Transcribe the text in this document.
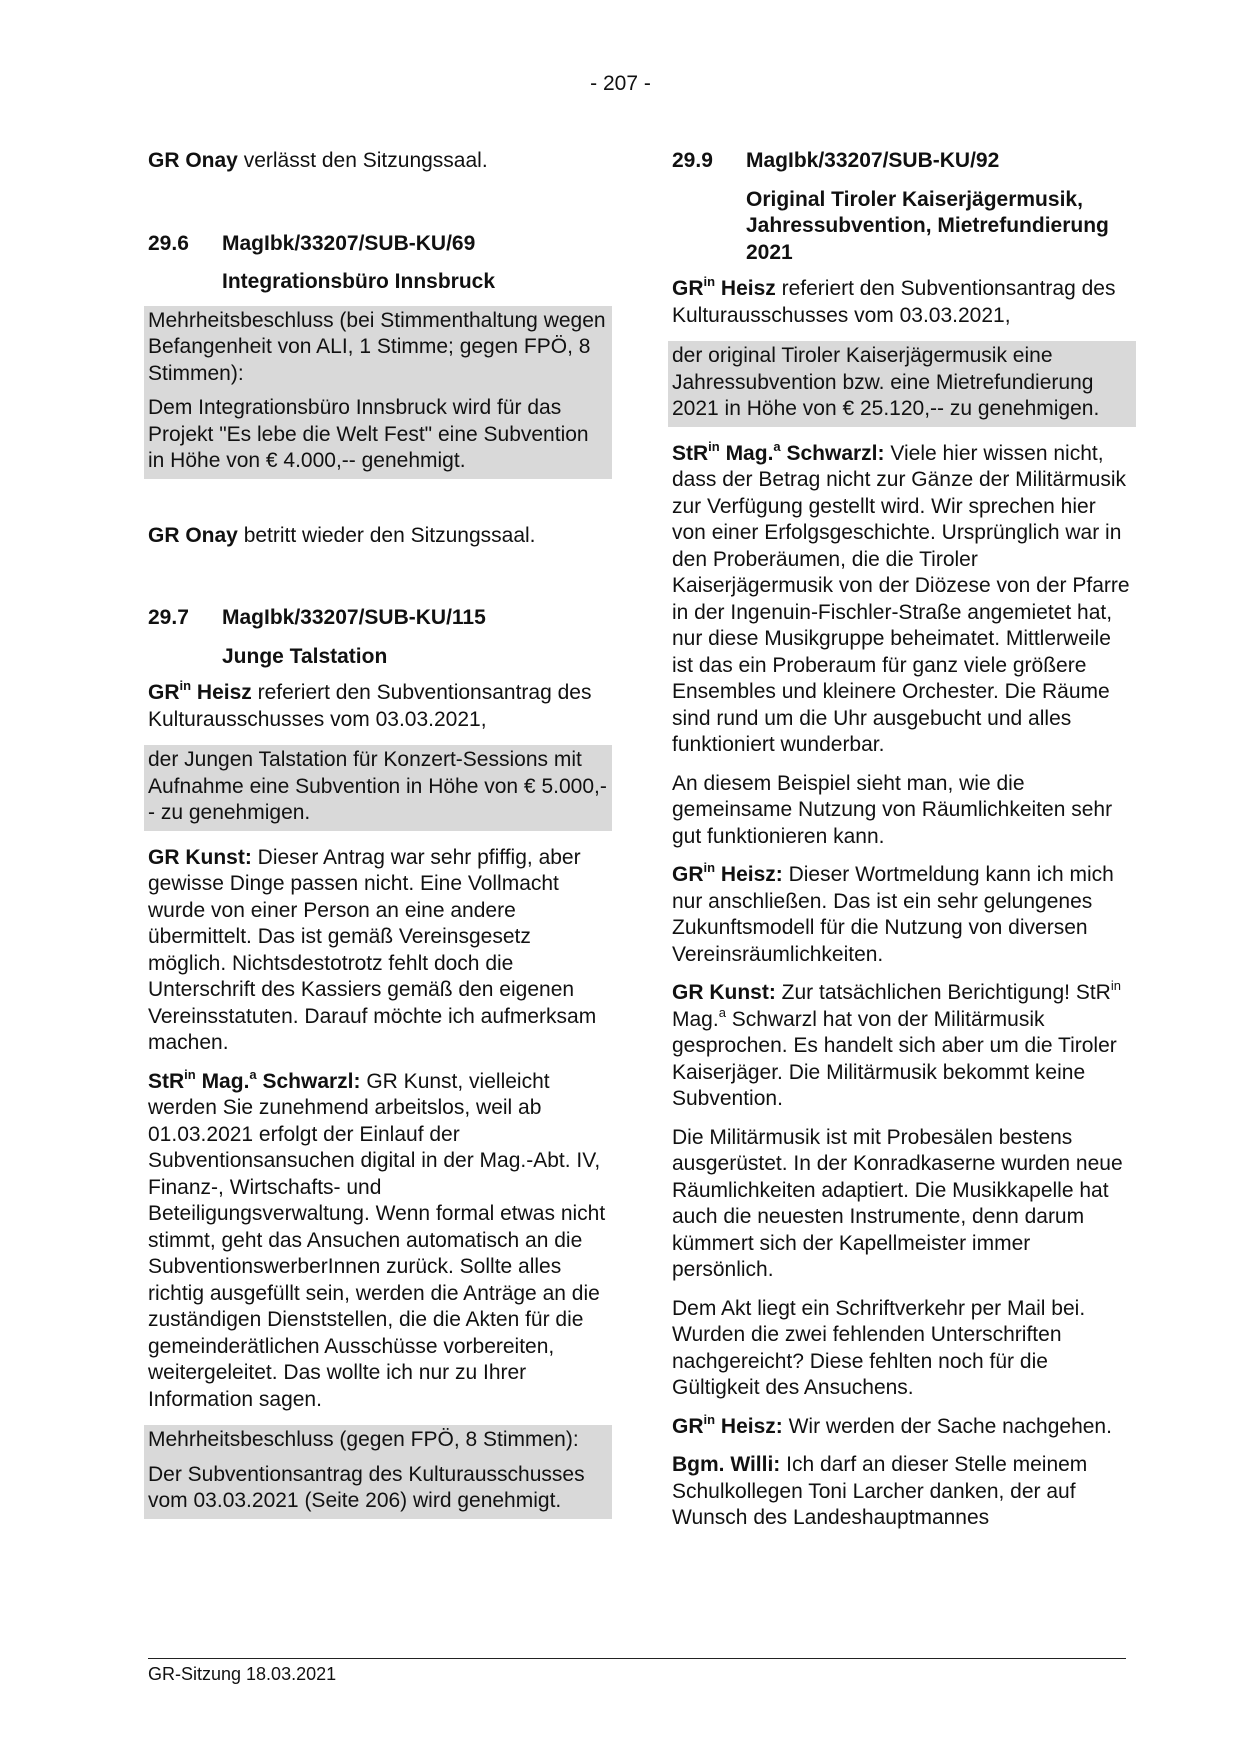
- 207 -

GR Onay verlässt den Sitzungssaal.

29.6	MagIbk/33207/SUB-KU/69
Integrationsbüro Innsbruck

Mehrheitsbeschluss (bei Stimmenthaltung wegen Befangenheit von ALI, 1 Stimme; gegen FPÖ, 8 Stimmen):

Dem Integrationsbüro Innsbruck wird für das Projekt "Es lebe die Welt Fest" eine Subvention in Höhe von € 4.000,-- genehmigt.

GR Onay betritt wieder den Sitzungssaal.

29.7	MagIbk/33207/SUB-KU/115
Junge Talstation

$GR^{in}$ Heisz referiert den Subventionsantrag des Kulturausschusses vom 03.03.2021,

der Jungen Talstation für Konzert-Sessions mit Aufnahme eine Subvention in Höhe von € 5.000,-- zu genehmigen.

GR Kunst: Dieser Antrag war sehr pfiffig, aber gewisse Dinge passen nicht. Eine Vollmacht wurde von einer Person an eine andere übermittelt. Das ist gemäß Vereinsgesetz möglich. Nichtsdestotrotz fehlt doch die Unterschrift des Kassiers gemäß den eigenen Vereinsstatuten. Darauf möchte ich aufmerksam machen.

StR$^{in}$ Mag.$^a$ Schwarzl: GR Kunst, vielleicht werden Sie zunehmend arbeitslos, weil ab 01.03.2021 erfolgt der Einlauf der Subventionsansuchen digital in der Mag.-Abt. IV, Finanz-, Wirtschafts- und Beteiligungsverwaltung. Wenn formal etwas nicht stimmt, geht das Ansuchen automatisch an die SubventionswerberInnen zurück. Sollte alles richtig ausgefüllt sein, werden die Anträge an die zuständigen Dienststellen, die die Akten für die gemeinderätlichen Ausschüsse vorbereiten, weitergeleitet. Das wollte ich nur zu Ihrer Information sagen.

Mehrheitsbeschluss (gegen FPÖ, 8 Stimmen):

Der Subventionsantrag des Kulturausschusses vom 03.03.2021 (Seite 206) wird genehmigt.

29.9	MagIbk/33207/SUB-KU/92
Original Tiroler Kaiserjägermusik, Jahressubvention, Mietrefundierung 2021

$GR^{in}$ Heisz referiert den Subventionsantrag des Kulturausschusses vom 03.03.2021,

der original Tiroler Kaiserjägermusik eine Jahressubvention bzw. eine Mietrefundierung 2021 in Höhe von € 25.120,-- zu genehmigen.

StR$^{in}$ Mag.$^a$ Schwarzl: Viele hier wissen nicht, dass der Betrag nicht zur Gänze der Militärmusik zur Verfügung gestellt wird. Wir sprechen hier von einer Erfolgsgeschichte. Ursprünglich war in den Proberäumen, die die Tiroler Kaiserjägermusik von der Diözese von der Pfarre in der Ingenuin-Fischler-Straße angemietet hat, nur diese Musikgruppe beheimatet. Mittlerweile ist das ein Proberaum für ganz viele größere Ensembles und kleinere Orchester. Die Räume sind rund um die Uhr ausgebucht und alles funktioniert wunderbar.

An diesem Beispiel sieht man, wie die gemeinsame Nutzung von Räumlichkeiten sehr gut funktionieren kann.

$GR^{in}$ Heisz: Dieser Wortmeldung kann ich mich nur anschließen. Das ist ein sehr gelungenes Zukunftsmodell für die Nutzung von diversen Vereinsräumlichkeiten.

GR Kunst: Zur tatsächlichen Berichtigung! StR$^{in}$ Mag.$^a$ Schwarzl hat von der Militärmusik gesprochen. Es handelt sich aber um die Tiroler Kaiserjäger. Die Militärmusik bekommt keine Subvention.

Die Militärmusik ist mit Probesälen bestens ausgerüstet. In der Konradkaserne wurden neue Räumlichkeiten adaptiert. Die Musikkapelle hat auch die neuesten Instrumente, denn darum kümmert sich der Kapellmeister immer persönlich.

Dem Akt liegt ein Schriftverkehr per Mail bei. Wurden die zwei fehlenden Unterschriften nachgereicht? Diese fehlten noch für die Gültigkeit des Ansuchens.

$GR^{in}$ Heisz: Wir werden der Sache nachgehen.

Bgm. Willi: Ich darf an dieser Stelle meinem Schulkollegen Toni Larcher danken, der auf Wunsch des Landeshauptmannes

GR-Sitzung 18.03.2021
